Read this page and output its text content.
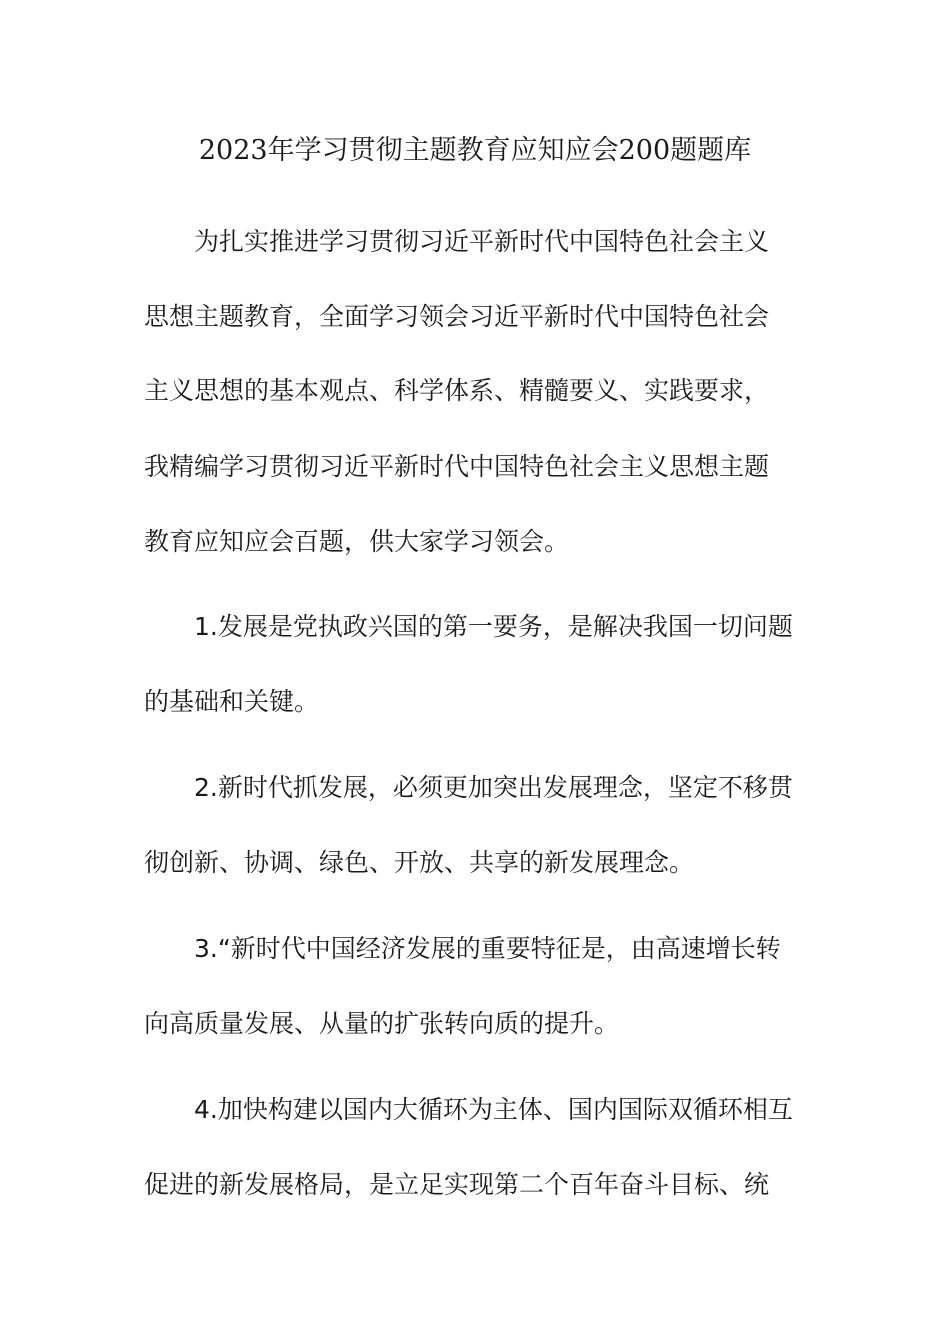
2023年学习贯彻主题教育应知应会200题题库
为扎实推进学习贯彻习近平新时代中国特色社会主义
思想主题教育，全面学习领会习近平新时代中国特色社会
主义思想的基本观点、科学体系、精髓要义、实践要求，
我精编学习贯彻习近平新时代中国特色社会主义思想主题
教育应知应会百题，供大家学习领会。
1.发展是党执政兴国的第一要务，是解决我国一切问题
的基础和关键。
2.新时代抓发展，必须更加突出发展理念，坚定不移贯
彻创新、协调、绿色、开放、共享的新发展理念。
3.“新时代中国经济发展的重要特征是，由高速增长转
向高质量发展、从量的扩张转向质的提升。
4.加快构建以国内大循环为主体、国内国际双循环相互
促进的新发展格局，是立足实现第二个百年奋斗目标、统
